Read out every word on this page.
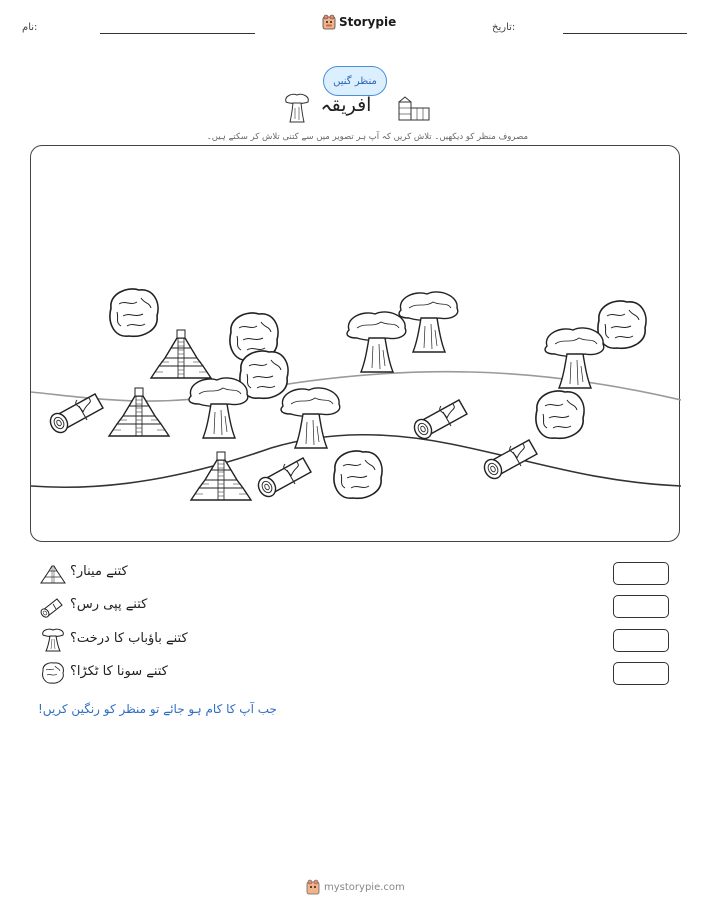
نام:	Storypie	تاریخ:
منظر گنیں
افریقہ
مصروف منظر کو دیکھیں۔ تلاش کریں کہ آپ ہر تصویر میں سے کتنی تلاش کر سکتے ہیں۔
کتنے مینار؟
کتنے پپی رس؟
کتنے باؤباب کا درخت؟
کتنے سونا کا ٹکڑا؟
جب آپ کا کام ہو جائے تو منظر کو رنگین کریں!
mystorypie.com
